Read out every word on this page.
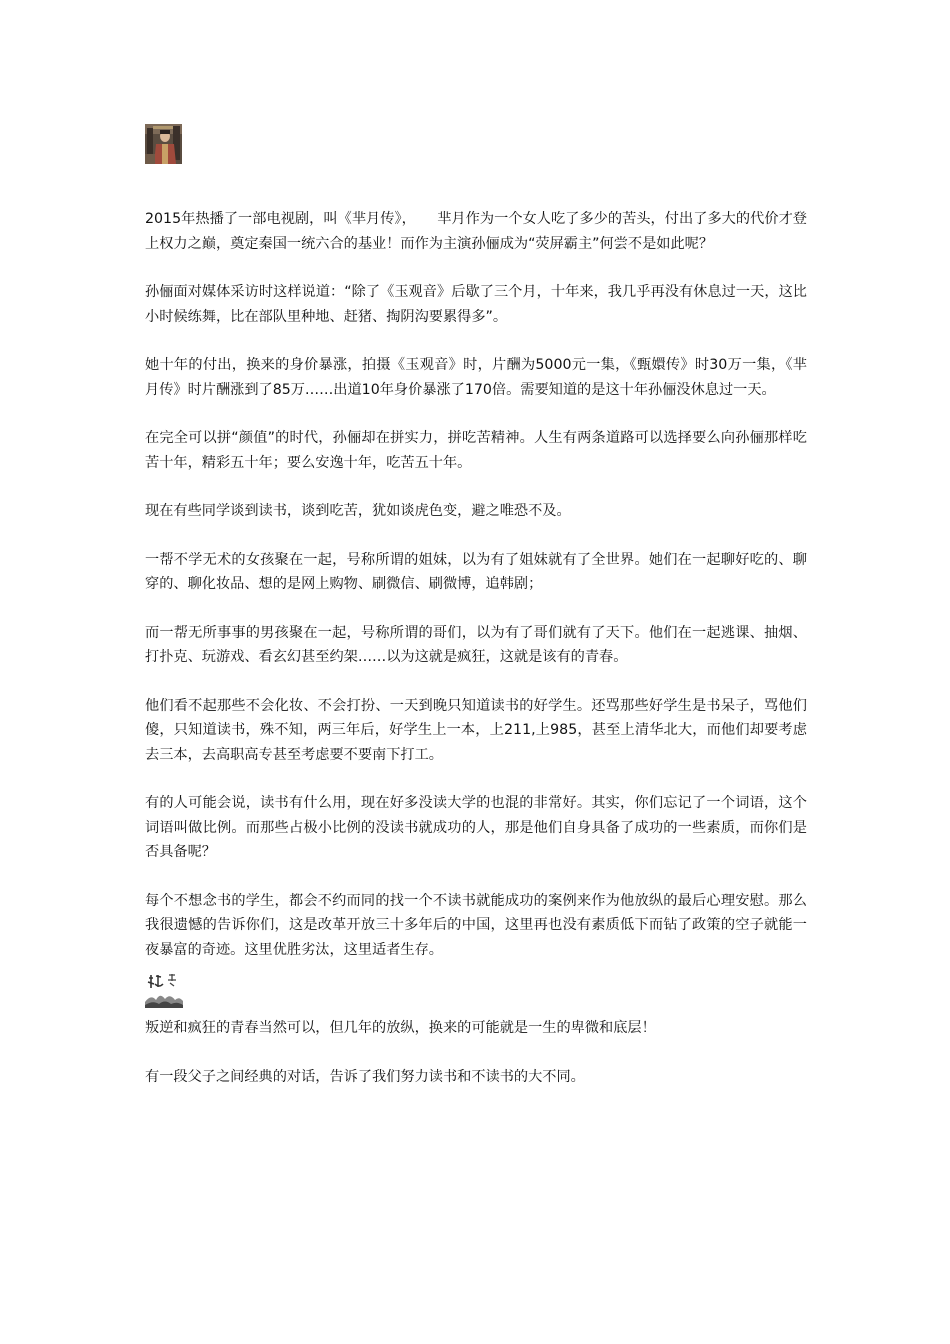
2015年热播了一部电视剧，叫《芈月传》，　　芈月作为一个女人吃了多少的苦头，付出了多大的代价才登上权力之巅，奠定秦国一统六合的基业！而作为主演孙俪成为“荧屏霸主”何尝不是如此呢？

孙俪面对媒体采访时这样说道：“除了《玉观音》后歇了三个月，十年来，我几乎再没有休息过一天，这比小时候练舞，比在部队里种地、赶猪、掏阴沟要累得多”。

她十年的付出，换来的身价暴涨，拍摄《玉观音》时，片酬为5000元一集，《甄嬛传》时30万一集，《芈月传》时片酬涨到了85万……出道10年身价暴涨了170倍。需要知道的是这十年孙俪没休息过一天。

在完全可以拼“颜值”的时代，孙俪却在拼实力，拼吃苦精神。人生有两条道路可以选择要么向孙俪那样吃苦十年，精彩五十年；要么安逸十年，吃苦五十年。

现在有些同学谈到读书，谈到吃苦，犹如谈虎色变，避之唯恐不及。

一帮不学无术的女孩聚在一起，号称所谓的姐妹，以为有了姐妹就有了全世界。她们在一起聊好吃的、聊穿的、聊化妆品、想的是网上购物、刷微信、刷微博，追韩剧；

而一帮无所事事的男孩聚在一起，号称所谓的哥们，以为有了哥们就有了天下。他们在一起逃课、抽烟、打扑克、玩游戏、看玄幻甚至约架……以为这就是疯狂，这就是该有的青春。

他们看不起那些不会化妆、不会打扮、一天到晚只知道读书的好学生。还骂那些好学生是书呆子，骂他们傻，只知道读书，殊不知，两三年后，好学生上一本，上211,上985，甚至上清华北大，而他们却要考虑去三本，去高职高专甚至考虑要不要南下打工。

有的人可能会说，读书有什么用，现在好多没读大学的也混的非常好。其实，你们忘记了一个词语，这个词语叫做比例。而那些占极小比例的没读书就成功的人，那是他们自身具备了成功的一些素质，而你们是否具备呢？

每个不想念书的学生，都会不约而同的找一个不读书就能成功的案例来作为他放纵的最后心理安慰。那么我很遗憾的告诉你们，这是改革开放三十多年后的中国，这里再也没有素质低下而钻了政策的空子就能一夜暴富的奇迹。这里优胜劣汰，这里适者生存。

叛逆和疯狂的青春当然可以，但几年的放纵，换来的可能就是一生的卑微和底层！

有一段父子之间经典的对话，告诉了我们努力读书和不读书的大不同。
